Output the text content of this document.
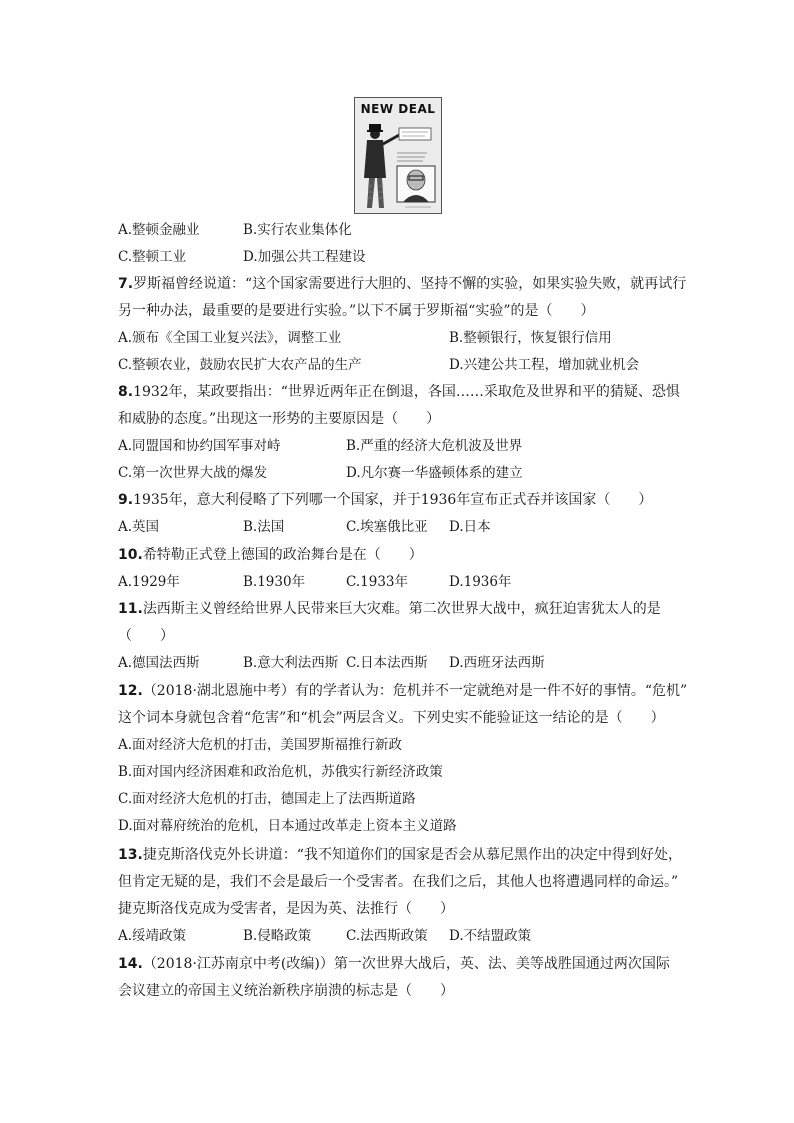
NEW DEAL
A.整顿金融业	B.实行农业集体化
C.整顿工业	D.加强公共工程建设
7.罗斯福曾经说道：“这个国家需要进行大胆的、坚持不懈的实验，如果实验失败，就再试行
另一种办法，最重要的是要进行实验。”以下不属于罗斯福“实验”的是（　　）
A.颁布《全国工业复兴法》，调整工业	B.整顿银行，恢复银行信用
C.整顿农业，鼓励农民扩大农产品的生产	D.兴建公共工程，增加就业机会
8.1932年，某政要指出：“世界近两年正在倒退，各国……采取危及世界和平的猜疑、恐惧
和威胁的态度。”出现这一形势的主要原因是（　　）
A.同盟国和协约国军事对峙	B.严重的经济大危机波及世界
C.第一次世界大战的爆发	D.凡尔赛一华盛顿体系的建立
9.1935年，意大利侵略了下列哪一个国家，并于1936年宣布正式吞并该国家（　　）
A.英国	B.法国	C.埃塞俄比亚 D.日本
10.希特勒正式登上德国的政治舞台是在（　　）
A.1929年	B.1930年	C.1933年	D.1936年
11.法西斯主义曾经给世界人民带来巨大灾难。第二次世界大战中，疯狂迫害犹太人的是
（　　）
A.德国法西斯	B.意大利法西斯 C.日本法西斯 D.西班牙法西斯
12.（2018·湖北恩施中考）有的学者认为：危机并不一定就绝对是一件不好的事情。“危机”
这个词本身就包含着“危害”和“机会”两层含义。下列史实不能验证这一结论的是（　　）
A.面对经济大危机的打击，美国罗斯福推行新政
B.面对国内经济困难和政治危机，苏俄实行新经济政策
C.面对经济大危机的打击，德国走上了法西斯道路
D.面对幕府统治的危机，日本通过改革走上资本主义道路
13.捷克斯洛伐克外长讲道：“我不知道你们的国家是否会从慕尼黑作出的决定中得到好处，
但肯定无疑的是，我们不会是最后一个受害者。在我们之后，其他人也将遭遇同样的命运。”
捷克斯洛伐克成为受害者，是因为英、法推行（　　）
A.绥靖政策	B.侵略政策	C.法西斯政策 D.不结盟政策
14.（2018·江苏南京中考(改编)）第一次世界大战后，英、法、美等战胜国通过两次国际
会议建立的帝国主义统治新秩序崩溃的标志是（　　）
